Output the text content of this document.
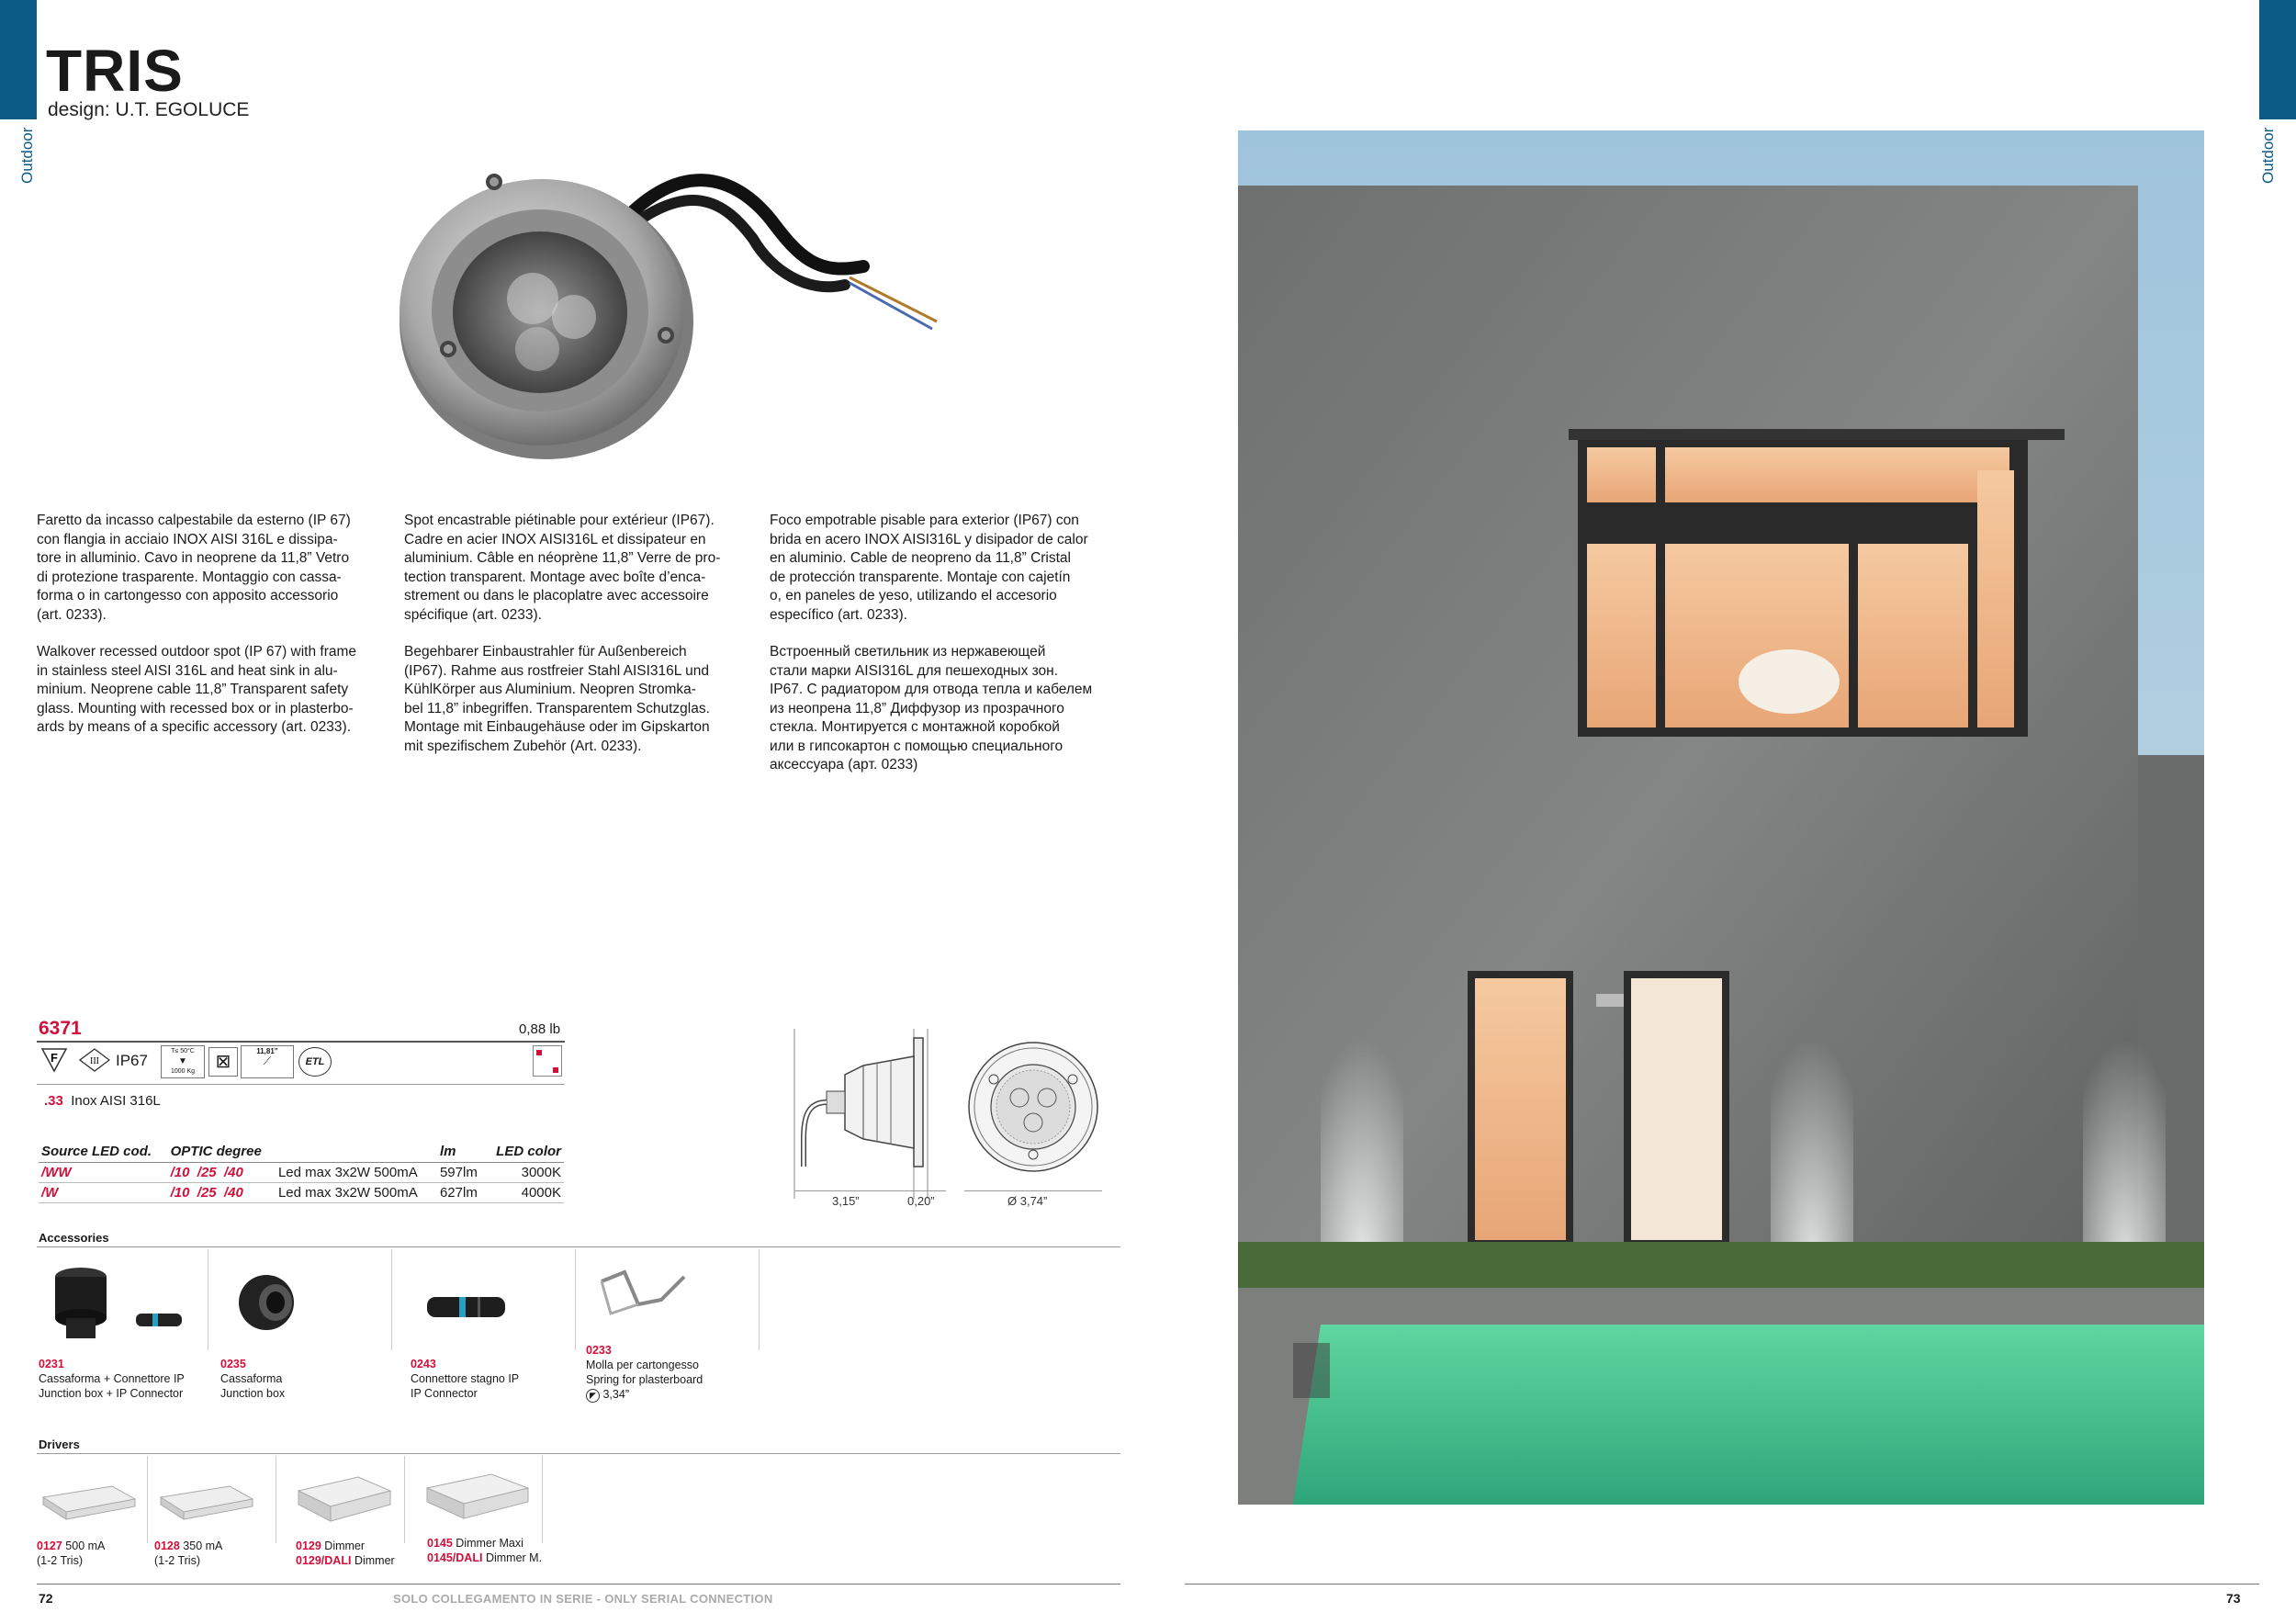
Outdoor	Outdoor
TRIS
design: U.T. EGOLUCE

Faretto da incasso calpestabile da esterno (IP 67)
con flangia in acciaio INOX AISI 316L e dissipa-
tore in alluminio. Cavo in neoprene da 11,8” Vetro
di protezione trasparente. Montaggio con cassa-
forma o in cartongesso con apposito accessorio
(art. 0233).

Walkover recessed outdoor spot (IP 67) with frame
in stainless steel AISI 316L and heat sink in alu-
minium. Neoprene cable 11,8” Transparent safety
glass. Mounting with recessed box or in plasterbo-
ards by means of a specific accessory (art. 0233).

Spot encastrable piétinable pour extérieur (IP67).
Cadre en acier INOX AISI316L et dissipateur en
aluminium. Câble en néoprène 11,8” Verre de pro-
tection transparent. Montage avec boîte d’enca-
strement ou dans le placoplatre avec accessoire
spécifique (art. 0233).

Begehbarer Einbaustrahler für Außenbereich
(IP67). Rahme aus rostfreier Stahl AISI316L und
KühlKörper aus Aluminium. Neopren Stromka-
bel 11,8” inbegriffen. Transparentem Schutzglas.
Montage mit Einbaugehäuse oder im Gipskarton
mit spezifischem Zubehör (Art. 0233).

Foco empotrable pisable para exterior (IP67) con
brida en acero INOX AISI316L y disipador de calor
en aluminio. Cable de neopreno da 11,8” Cristal
de protección transparente. Montaje con cajetín
o, en paneles de yeso, utilizando el accesorio
específico (art. 0233).

Встроенный светильник из нержавеющей
стали марки AISI316L для пешеходных зон.
IP67. С радиатором для отвода тепла и кабелем
из неопрена 11,8” Диффузор из прозрачного
стекла. Монтируется с монтажной коробкой
или в гипсокартон с помощью специального
аксессуара (apт. 0233)

6371	0,88 lb
F	III IP67
T≤ 50°C
▼
1000 Kg	⊠
11,81”
⟋	ETL
.33 Inox AISI 316L
Source LED cod.	OPTIC degree		lm	LED color
/WW	/10  /25  /40	Led max 3x2W 500mA	597lm	3000K
/W	/10  /25  /40	Led max 3x2W 500mA	627lm	4000K
3,15”	0,20”	Ø 3,74”
Accessories
0231
Cassaforma + Connettore IP
Junction box + IP Connector
0235
Cassaforma
Junction box
0243
Connettore stagno IP
IP Connector
0233
Molla per cartongesso
Spring for plasterboard
◤ 3,34”
Drivers
0127 500 mA
(1-2 Tris)
0128 350 mA
(1-2 Tris)
0129 Dimmer
0129/DALI Dimmer
0145 Dimmer Maxi
0145/DALI Dimmer M.
72	SOLO COLLEGAMENTO IN SERIE - ONLY SERIAL CONNECTION	73
